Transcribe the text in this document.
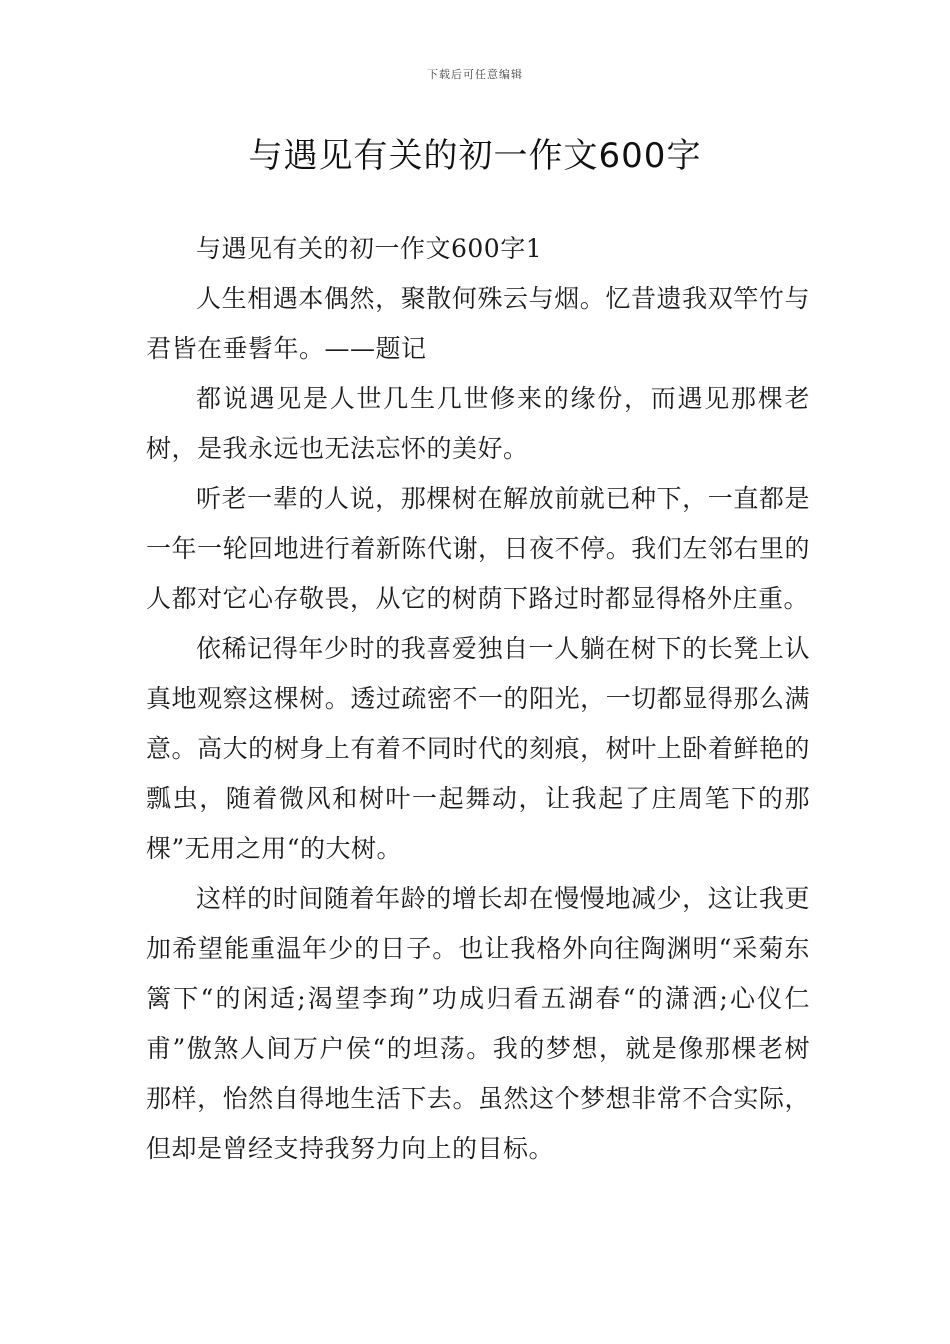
下载后可任意编辑
与遇见有关的初一作文600字

与遇见有关的初一作文600字1

人生相遇本偶然，聚散何殊云与烟。忆昔遗我双竿竹与君皆在垂髫年。——题记

都说遇见是人世几生几世修来的缘份，而遇见那棵老树，是我永远也无法忘怀的美好。

听老一辈的人说，那棵树在解放前就已种下，一直都是一年一轮回地进行着新陈代谢，日夜不停。我们左邻右里的人都对它心存敬畏，从它的树荫下路过时都显得格外庄重。

依稀记得年少时的我喜爱独自一人躺在树下的长凳上认真地观察这棵树。透过疏密不一的阳光，一切都显得那么满意。高大的树身上有着不同时代的刻痕，树叶上卧着鲜艳的瓢虫，随着微风和树叶一起舞动，让我起了庄周笔下的那棵”无用之用“的大树。

这样的时间随着年龄的增长却在慢慢地减少，这让我更加希望能重温年少的日子。也让我格外向往陶渊明“采菊东篱下“的闲适;渴望李珣”功成归看五湖春“的潇洒;心仪仁甫”傲煞人间万户侯“的坦荡。我的梦想，就是像那棵老树那样，怡然自得地生活下去。虽然这个梦想非常不合实际，但却是曾经支持我努力向上的目标。
